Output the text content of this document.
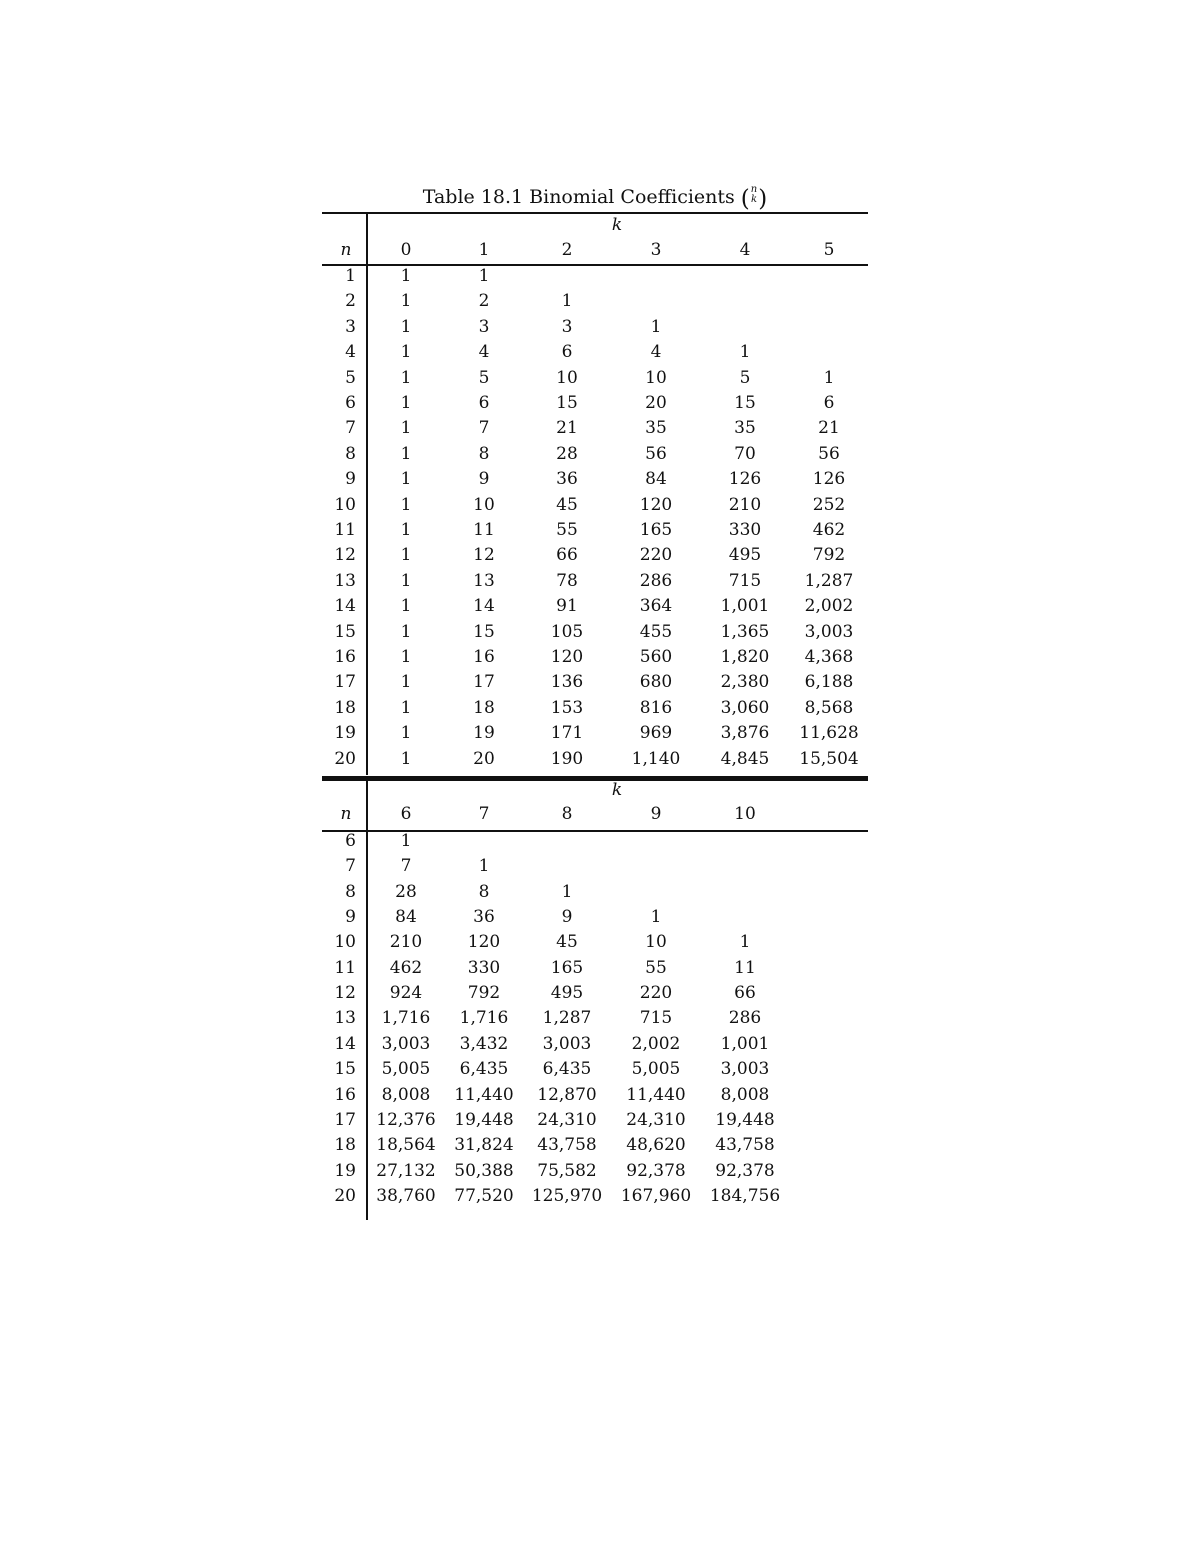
Table 18.1 Binomial Coefficients ( n
k )
k
n	0	1	2	3	4	5
1	1	1
2	1	2	1
3	1	3	3	1
4	1	4	6	4	1
5	1	5	10	10	5	1
6	1	6	15	20	15	6
7	1	7	21	35	35	21
8	1	8	28	56	70	56
9	1	9	36	84	126	126
10	1	10	45	120	210	252
11	1	11	55	165	330	462
12	1	12	66	220	495	792
13	1	13	78	286	715	1,287
14	1	14	91	364	1,001	2,002
15	1	15	105	455	1,365	3,003
16	1	16	120	560	1,820	4,368
17	1	17	136	680	2,380	6,188
18	1	18	153	816	3,060	8,568
19	1	19	171	969	3,876	11,628
20	1	20	190	1,140	4,845	15,504
k
n	6	7	8	9	10
6	1
7	7	1
8	28	8	1
9	84	36	9	1
10	210	120	45	10	1
11	462	330	165	55	11
12	924	792	495	220	66
13	1,716	1,716	1,287	715	286
14	3,003	3,432	3,003	2,002	1,001
15	5,005	6,435	6,435	5,005	3,003
16	8,008	11,440	12,870	11,440	8,008
17	12,376	19,448	24,310	24,310	19,448
18	18,564	31,824	43,758	48,620	43,758
19	27,132	50,388	75,582	92,378	92,378
20	38,760	77,520	125,970	167,960	184,756
